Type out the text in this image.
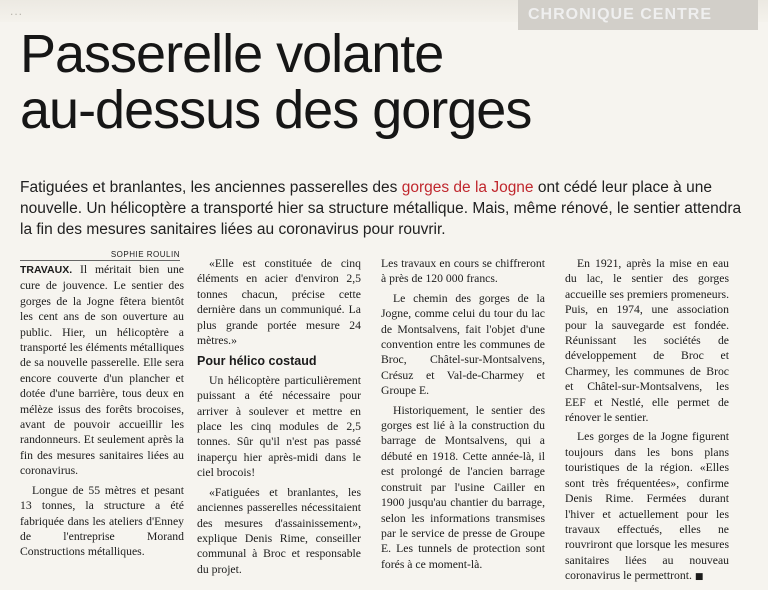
...	CHRONIQUE CENTRE
Passerelle volante
au-dessus des gorges
Fatiguées et branlantes, les anciennes passerelles des gorges de la Jogne ont cédé leur place à une nouvelle. Un hélicoptère a transporté hier sa structure métallique. Mais, même rénové, le sentier attendra la fin des mesures sanitaires liées au coronavirus pour rouvrir.
SOPHIE ROULIN

TRAVAUX. Il méritait bien une cure de jouvence. Le sentier des gorges de la Jogne fêtera bientôt les cent ans de son ouverture au public. Hier, un hélicoptère a transporté les éléments métalliques de sa nouvelle passerelle. Elle sera encore couverte d'un plancher et dotée d'une barrière, tous deux en mélèze issus des forêts brocoises, avant de pouvoir accueillir les randonneurs. Et seulement après la fin des mesures sanitaires liées au coronavirus.

Longue de 55 mètres et pesant 13 tonnes, la structure a été fabriquée dans les ateliers d'Enney de l'entreprise Morand Constructions métalliques.

«Elle est constituée de cinq éléments en acier d'environ 2,5 tonnes chacun, précise cette dernière dans un communiqué. La plus grande portée mesure 24 mètres.»

Pour hélico costaud

Un hélicoptère particulièrement puissant a été nécessaire pour arriver à soulever et mettre en place les cinq modules de 2,5 tonnes. Sûr qu'il n'est pas passé inaperçu hier après-midi dans le ciel brocois!

«Fatiguées et branlantes, les anciennes passerelles nécessitaient des mesures d'assainissement», explique Denis Rime, conseiller communal à Broc et responsable du projet.

Les travaux en cours se chiffreront à près de 120 000 francs.

Le chemin des gorges de la Jogne, comme celui du tour du lac de Montsalvens, fait l'objet d'une convention entre les communes de Broc, Châtel-sur-Montsalvens, Crésuz et Val-de-Charmey et Groupe E.

Historiquement, le sentier des gorges est lié à la construction du barrage de Montsalvens, qui a débuté en 1918. Cette année-là, il est prolongé de l'ancien barrage construit par l'usine Cailler en 1900 jusqu'au chantier du barrage, selon les informations transmises par le service de presse de Groupe E. Les tunnels de protection sont forés à ce moment-là.

En 1921, après la mise en eau du lac, le sentier des gorges accueille ses premiers promeneurs. Puis, en 1974, une association pour la sauvegarde est fondée. Réunissant les sociétés de développement de Broc et Charmey, les communes de Broc et Châtel-sur-Montsalvens, les EEF et Nestlé, elle permet de rénover le sentier.

Les gorges de la Jogne figurent toujours dans les bons plans touristiques de la région. «Elles sont très fréquentées», confirme Denis Rime. Fermées durant l'hiver et actuellement pour les travaux effectués, elles ne rouvriront que lorsque les mesures sanitaires liées au nouveau coronavirus le permettront. ■
